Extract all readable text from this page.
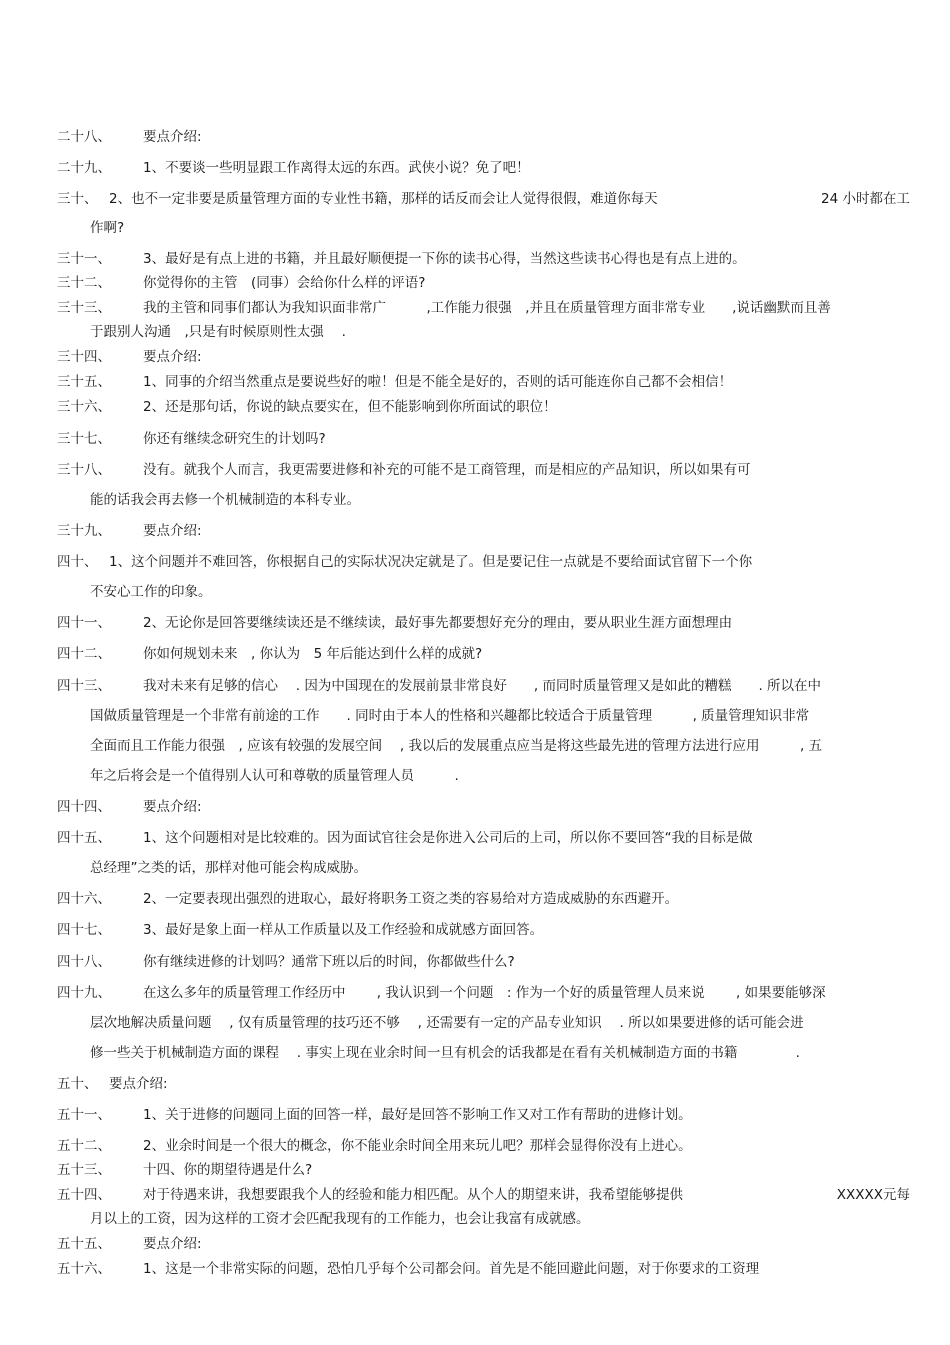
二十八、 要点介绍:
二十九、 1、不要谈一些明显跟工作离得太远的东西。武侠小说？免了吧！
三十、 2、也不一定非要是质量管理方面的专业性书籍，那样的话反而会让人觉得很假，难道你每天	24 小时都在工
作啊?
三十一、 3、最好是有点上进的书籍，并且最好顺便提一下你的读书心得，当然这些读书心得也是有点上进的。
三十二、 你觉得你的主管　(同事）会给你什么样的评语?
三十三、 我的主管和同事们都认为我知识面非常广　　　,工作能力很强　,并且在质量管理方面非常专业　　,说话幽默而且善
于跟别人沟通　,只是有时候原则性太强　 .
三十四、 要点介绍:
三十五、 1、同事的介绍当然重点是要说些好的啦！但是不能全是好的，否则的话可能连你自己都不会相信！
三十六、 2、还是那句话，你说的缺点要实在，但不能影响到你所面试的职位！
三十七、 你还有继续念研究生的计划吗?
三十八、 没有。就我个人而言，我更需要进修和补充的可能不是工商管理，而是相应的产品知识，所以如果有可
能的话我会再去修一个机械制造的本科专业。
三十九、 要点介绍:
四十、 1、这个问题并不难回答，你根据自己的实际状况决定就是了。但是要记住一点就是不要给面试官留下一个你
不安心工作的印象。
四十一、 2、无论你是回答要继续读还是不继续读，最好事先都要想好充分的理由，要从职业生涯方面想理由
四十二、 你如何规划未来　, 你认为　5 年后能达到什么样的成就?
四十三、 我对未来有足够的信心　 . 因为中国现在的发展前景非常良好　　, 而同时质量管理又是如此的糟糕　　. 所以在中
国做质量管理是一个非常有前途的工作　　. 同时由于本人的性格和兴趣都比较适合于质量管理　　　, 质量管理知识非常
全面而且工作能力很强　, 应该有较强的发展空间　 , 我以后的发展重点应当是将这些最先进的管理方法进行应用　　　, 五
年之后将会是一个值得别人认可和尊敬的质量管理人员　　　.
四十四、 要点介绍:
四十五、 1、这个问题相对是比较难的。因为面试官往会是你进入公司后的上司，所以你不要回答“我的目标是做
总经理”之类的话，那样对他可能会构成威胁。
四十六、 2、一定要表现出强烈的进取心，最好将职务工资之类的容易给对方造成威胁的东西避开。
四十七、 3、最好是象上面一样从工作质量以及工作经验和成就感方面回答。
四十八、 你有继续进修的计划吗？通常下班以后的时间，你都做些什么?
四十九、 在这么多年的质量管理工作经历中　　 , 我认识到一个问题　: 作为一个好的质量管理人员来说　　 , 如果要能够深
层次地解决质量问题　 , 仅有质量管理的技巧还不够　 , 还需要有一定的产品专业知识　 . 所以如果要进修的话可能会进
修一些关于机械制造方面的课程　 . 事实上现在业余时间一旦有机会的话我都是在看有关机械制造方面的书籍　　　　 .
五十、 要点介绍:
五十一、 1、关于进修的问题同上面的回答一样，最好是回答不影响工作又对工作有帮助的进修计划。
五十二、 2、业余时间是一个很大的概念，你不能业余时间全用来玩儿吧？那样会显得你没有上进心。
五十三、 十四、你的期望待遇是什么?
五十四、 对于待遇来讲，我想要跟我个人的经验和能力相匹配。从个人的期望来讲，我希望能够提供	XXXXX元每
月以上的工资，因为这样的工资才会匹配我现有的工作能力，也会让我富有成就感。
五十五、 要点介绍:
五十六、 1、这是一个非常实际的问题，恐怕几乎每个公司都会问。首先是不能回避此问题，对于你要求的工资理
